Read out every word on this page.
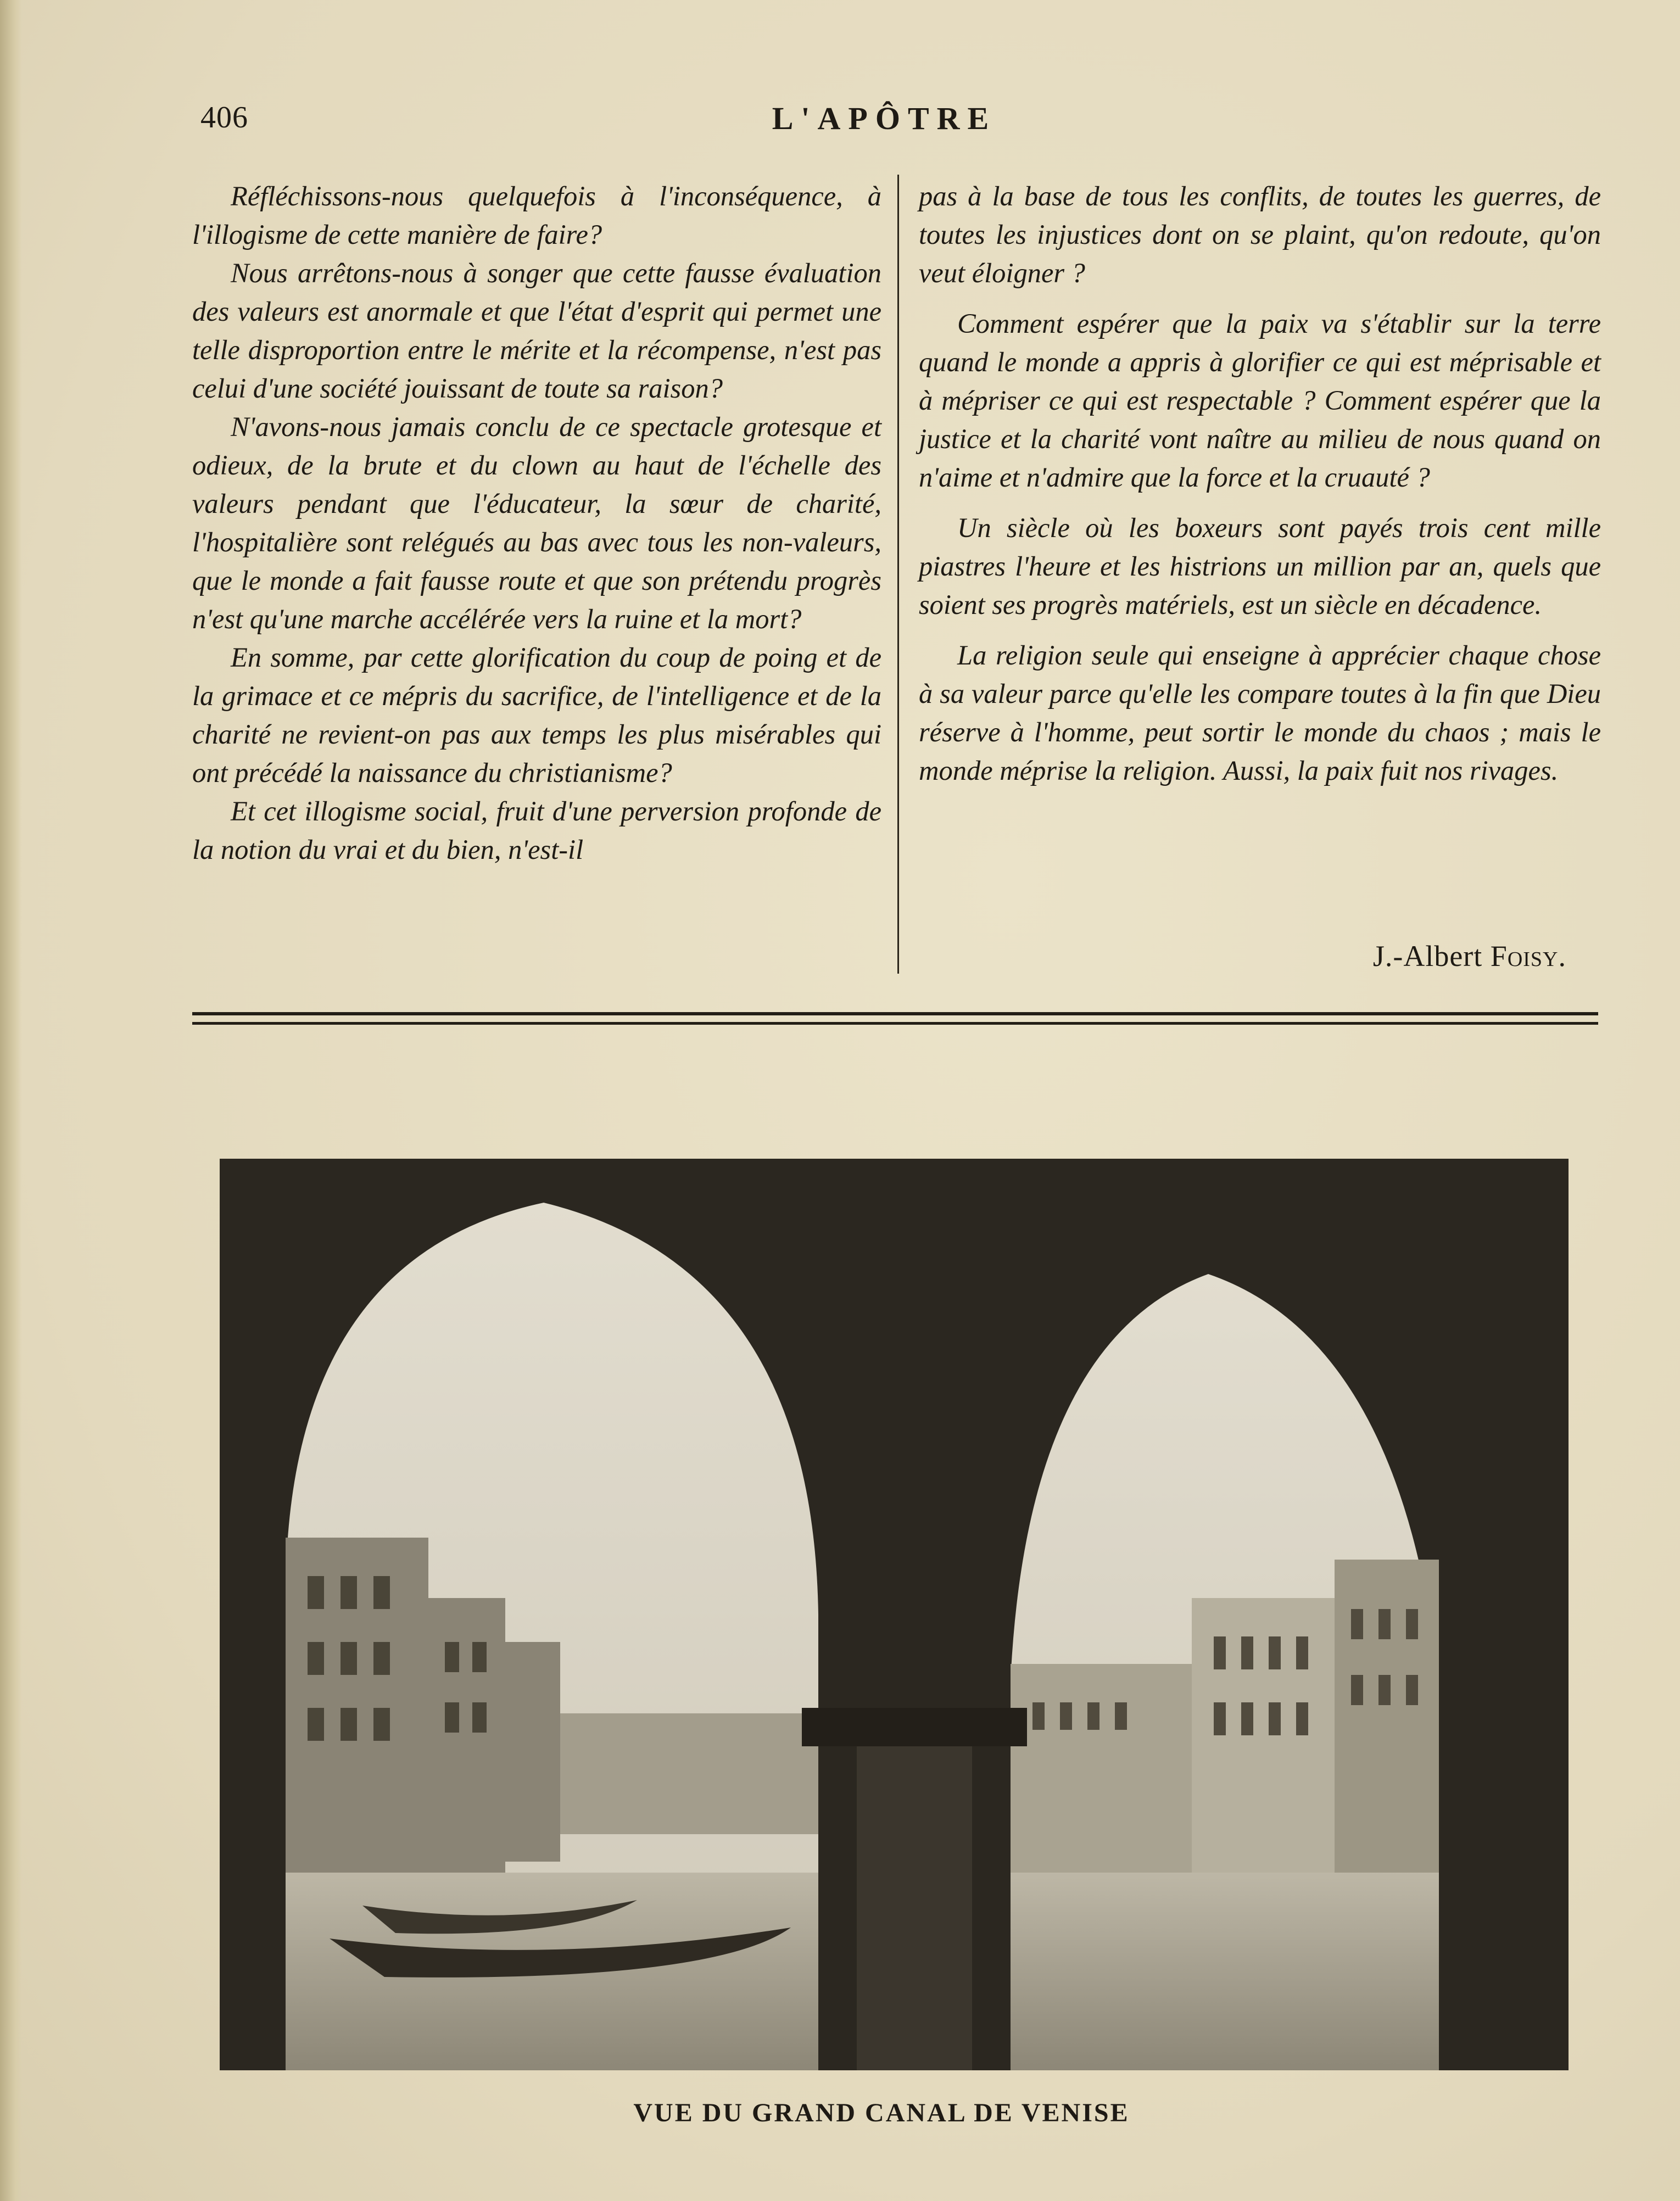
406	L'APÔTRE

Réfléchissons-nous quelquefois à l'inconséquence, à l'illogisme de cette manière de faire?

Nous arrêtons-nous à songer que cette fausse évaluation des valeurs est anormale et que l'état d'esprit qui permet une telle disproportion entre le mérite et la récompense, n'est pas celui d'une société jouissant de toute sa raison?

N'avons-nous jamais conclu de ce spectacle grotesque et odieux, de la brute et du clown au haut de l'échelle des valeurs pendant que l'éducateur, la sœur de charité, l'hospitalière sont relégués au bas avec tous les non-valeurs, que le monde a fait fausse route et que son prétendu progrès n'est qu'une marche accélérée vers la ruine et la mort?

En somme, par cette glorification du coup de poing et de la grimace et ce mépris du sacrifice, de l'intelligence et de la charité ne revient-on pas aux temps les plus misérables qui ont précédé la naissance du christianisme?

Et cet illogisme social, fruit d'une perversion profonde de la notion du vrai et du bien, n'est-il

pas à la base de tous les conflits, de toutes les guerres, de toutes les injustices dont on se plaint, qu'on redoute, qu'on veut éloigner ?

Comment espérer que la paix va s'établir sur la terre quand le monde a appris à glorifier ce qui est méprisable et à mépriser ce qui est respectable ? Comment espérer que la justice et la charité vont naître au milieu de nous quand on n'aime et n'admire que la force et la cruauté ?

Un siècle où les boxeurs sont payés trois cent mille piastres l'heure et les histrions un million par an, quels que soient ses progrès matériels, est un siècle en décadence.

La religion seule qui enseigne à apprécier chaque chose à sa valeur parce qu'elle les compare toutes à la fin que Dieu réserve à l'homme, peut sortir le monde du chaos ; mais le monde méprise la religion. Aussi, la paix fuit nos rivages.

J.-Albert Foisy.
VUE DU GRAND CANAL DE VENISE
